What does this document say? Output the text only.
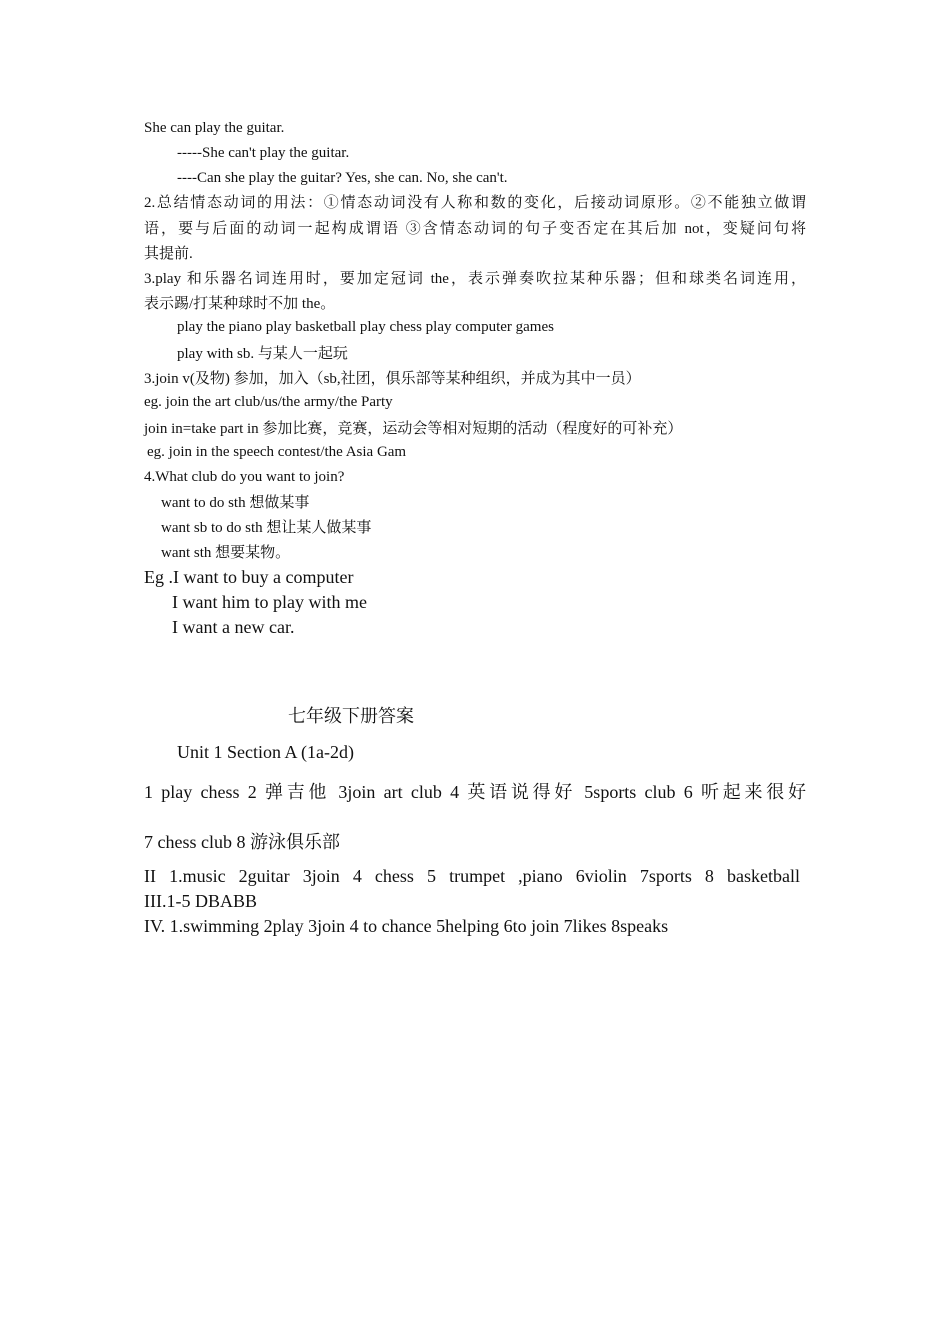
She can play the guitar.
-----She can't play the guitar.
----Can she play the guitar? Yes, she can. No, she can't.
2.总结情态动词的用法：①情态动词没有人称和数的变化，后接动词原形。②不能独立做谓
语，要与后面的动词一起构成谓语 ③含情态动词的句子变否定在其后加 not，变疑问句将
其提前.
3.play 和乐器名词连用时，要加定冠词 the，表示弹奏吹拉某种乐器；但和球类名词连用，
表示踢/打某种球时不加 the。
play the piano play basketball play chess play computer games
play with sb. 与某人一起玩
3.join v(及物) 参加，加入（sb,社团，俱乐部等某种组织，并成为其中一员）
eg. join the art club/us/the army/the Party
join in=take part in 参加比赛，竞赛，运动会等相对短期的活动（程度好的可补充）
eg. join in the speech contest/the Asia Gam
4.What club do you want to join?
want to do sth 想做某事
want sb to do sth 想让某人做某事
want sth 想要某物。
Eg .I want to buy a computer
I want him to play with me
I want a new car.
七年级下册答案
Unit 1 Section A (1a-2d)
1 play chess 2 弹吉他 3join art club 4 英语说得好 5sports club 6 听起来很好
7 chess club 8 游泳俱乐部
II 1.music 2guitar 3join 4 chess 5 trumpet ,piano 6violin 7sports 8 basketball
III.1-5 DBABB
IV. 1.swimming 2play 3join 4 to chance 5helping 6to join 7likes 8speaks
